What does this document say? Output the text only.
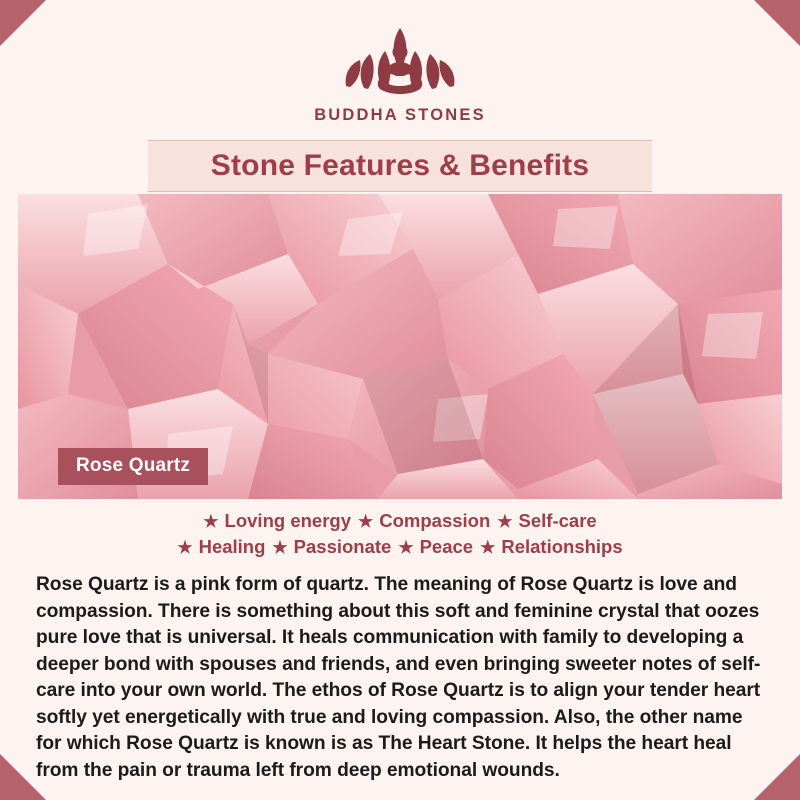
BUDDHA STONES
Stone Features & Benefits
Rose Quartz
★ Loving energy ★ Compassion ★ Self-care
★ Healing ★ Passionate ★ Peace ★ Relationships

Rose Quartz is a pink form of quartz. The meaning of Rose Quartz is love and compassion. There is something about this soft and feminine crystal that oozes pure love that is universal. It heals communication with family to developing a deeper bond with spouses and friends, and even bringing sweeter notes of self-care into your own world. The ethos of Rose Quartz is to align your tender heart softly yet energetically with true and loving compassion. Also, the other name for which Rose Quartz is known is as The Heart Stone. It helps the heart heal from the pain or trauma left from deep emotional wounds.
